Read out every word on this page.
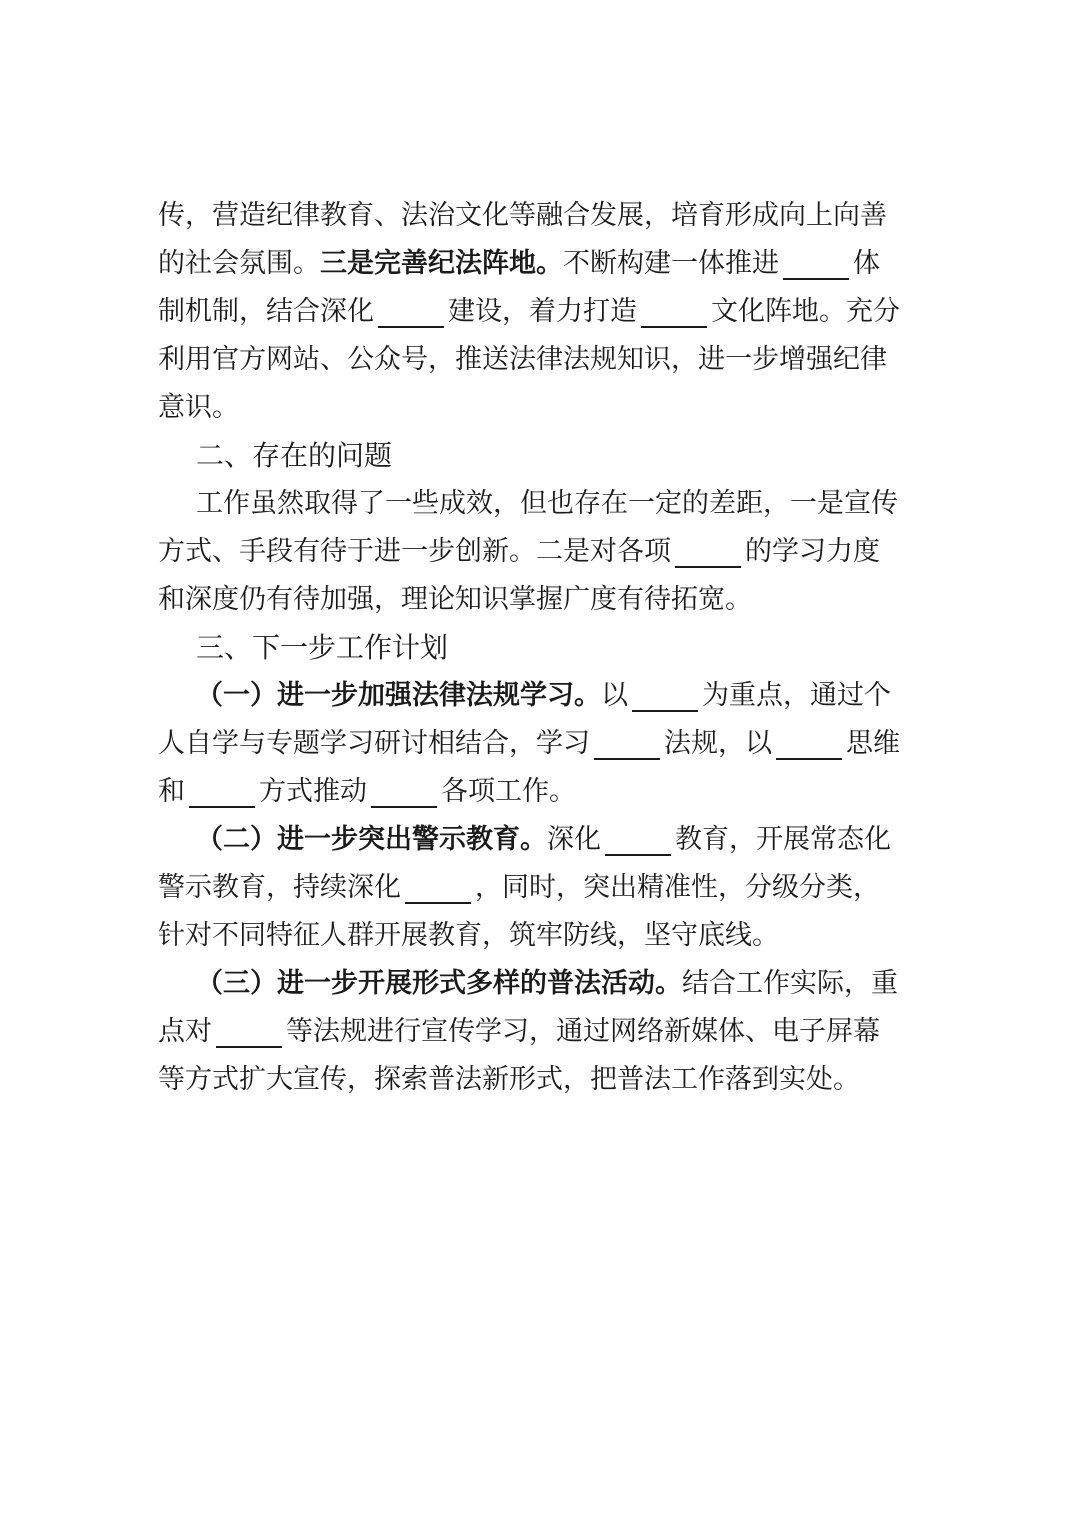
传，营造纪律教育、法治文化等融合发展，培育形成向上向善
的社会氛围。三是完善纪法阵地。不断构建一体推进	体
制机制，结合深化	建设，着力打造	文化阵地。充分
利用官方网站、公众号，推送法律法规知识，进一步增强纪律
意识。
二、存在的问题
工作虽然取得了一些成效，但也存在一定的差距，一是宣传
方式、手段有待于进一步创新。二是对各项	的学习力度
和深度仍有待加强，理论知识掌握广度有待拓宽。
三、下一步工作计划
（一）进一步加强法律法规学习。以	为重点，通过个
人自学与专题学习研讨相结合，学习	法规，以	思维
和	方式推动	各项工作。
（二）进一步突出警示教育。深化	教育，开展常态化
警示教育，持续深化	，同时，突出精准性，分级分类，
针对不同特征人群开展教育，筑牢防线，坚守底线。
（三）进一步开展形式多样的普法活动。结合工作实际，重
点对	等法规进行宣传学习，通过网络新媒体、电子屏幕
等方式扩大宣传，探索普法新形式，把普法工作落到实处。
